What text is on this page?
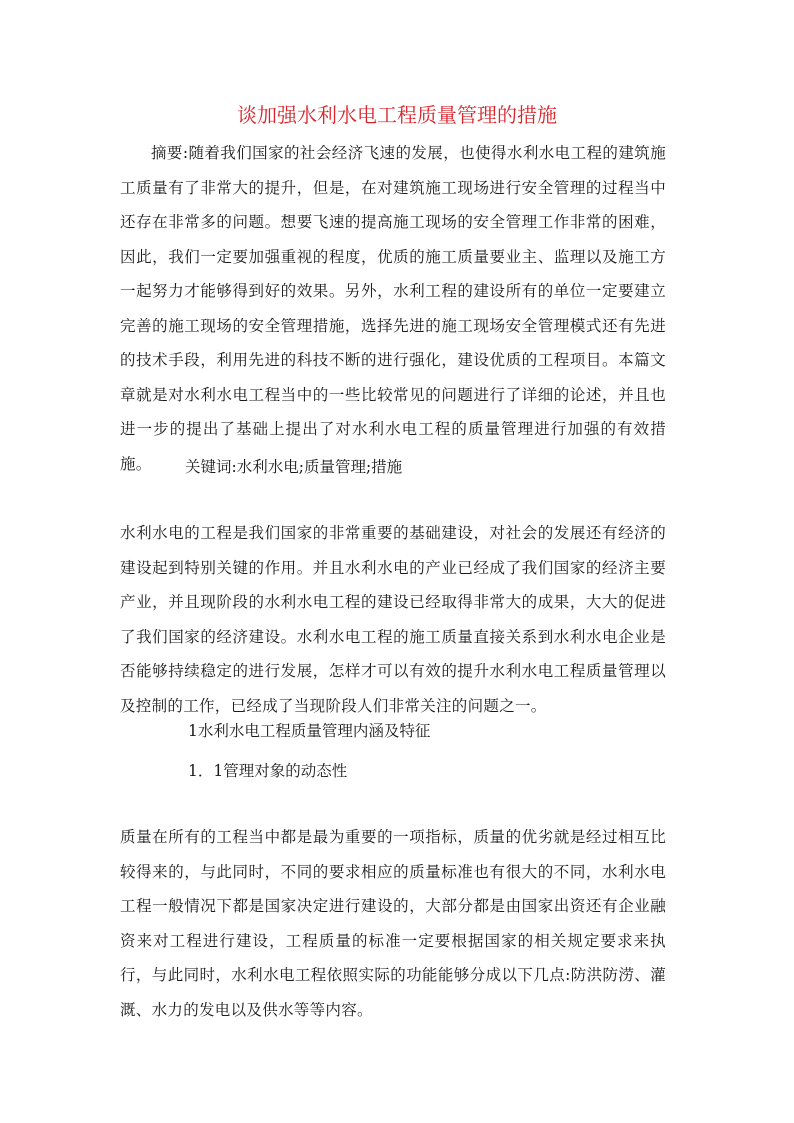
谈加强水利水电工程质量管理的措施

摘要:随着我们国家的社会经济飞速的发展，也使得水利水电工程的建筑施工质量有了非常大的提升，但是，在对建筑施工现场进行安全管理的过程当中还存在非常多的问题。想要飞速的提高施工现场的安全管理工作非常的困难，因此，我们一定要加强重视的程度，优质的施工质量要业主、监理以及施工方一起努力才能够得到好的效果。另外，水利工程的建设所有的单位一定要建立完善的施工现场的安全管理措施，选择先进的施工现场安全管理模式还有先进的技术手段，利用先进的科技不断的进行强化，建设优质的工程项目。本篇文章就是对水利水电工程当中的一些比较常见的问题进行了详细的论述，并且也进一步的提出了基础上提出了对水利水电工程的质量管理进行加强的有效措施。	关键词:水利水电;质量管理;措施

水利水电的工程是我们国家的非常重要的基础建设，对社会的发展还有经济的建设起到特别关键的作用。并且水利水电的产业已经成了我们国家的经济主要产业，并且现阶段的水利水电工程的建设已经取得非常大的成果，大大的促进了我们国家的经济建设。水利水电工程的施工质量直接关系到水利水电企业是否能够持续稳定的进行发展，怎样才可以有效的提升水利水电工程质量管理以及控制的工作，已经成了当现阶段人们非常关注的问题之一。

1水利水电工程质量管理内涵及特征

1．1管理对象的动态性

质量在所有的工程当中都是最为重要的一项指标，质量的优劣就是经过相互比较得来的，与此同时，不同的要求相应的质量标准也有很大的不同，水利水电工程一般情况下都是国家决定进行建设的，大部分都是由国家出资还有企业融资来对工程进行建设，工程质量的标准一定要根据国家的相关规定要求来执行，与此同时，水利水电工程依照实际的功能能够分成以下几点:防洪防涝、灌溉、水力的发电以及供水等等内容。
